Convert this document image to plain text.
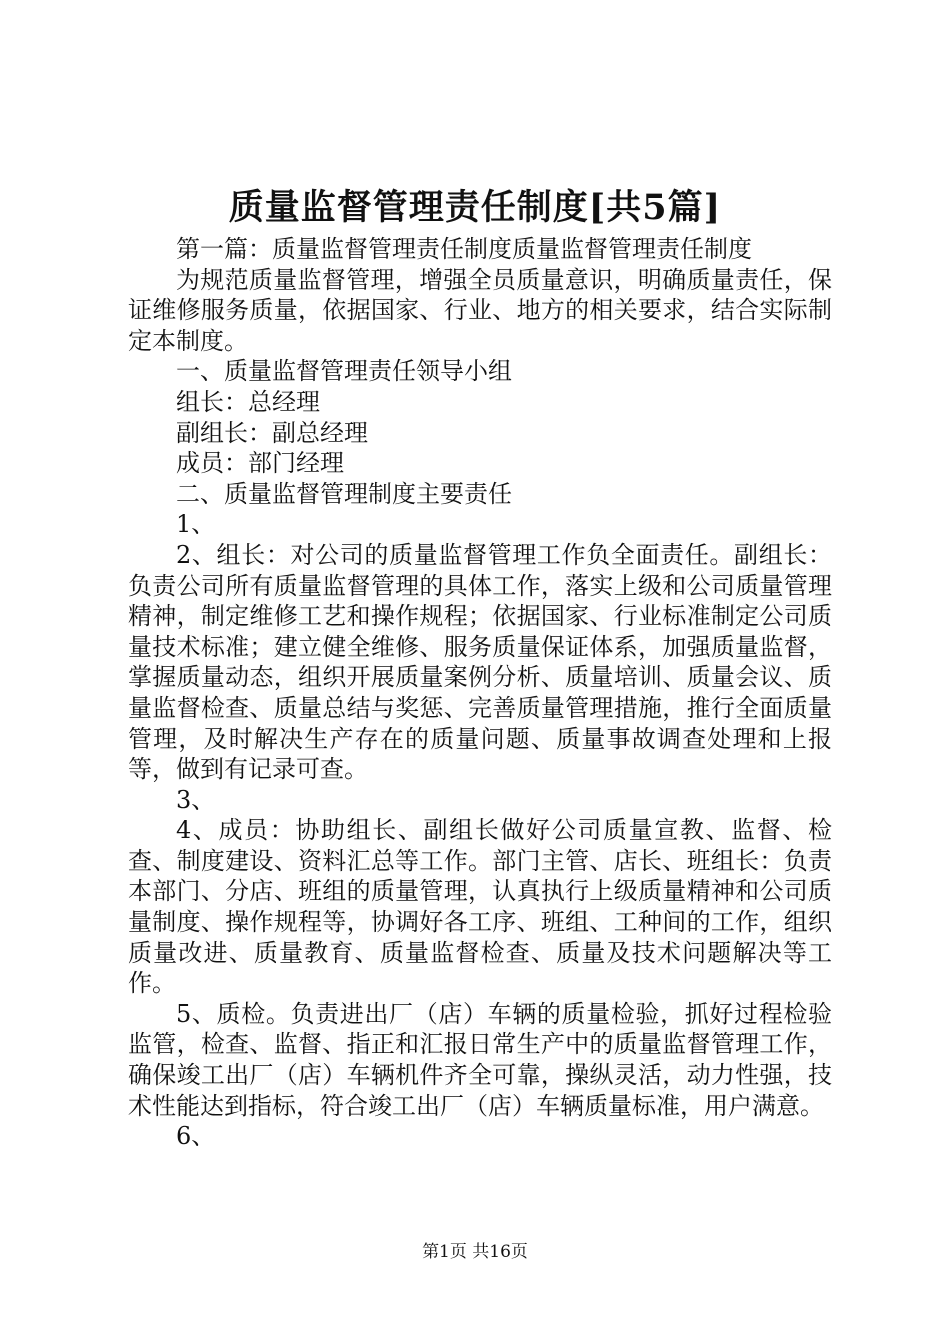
质量监督管理责任制度[共5篇]

第一篇：质量监督管理责任制度质量监督管理责任制度

为规范质量监督管理，增强全员质量意识，明确质量责任，保证维修服务质量，依据国家、行业、地方的相关要求，结合实际制定本制度。

一、质量监督管理责任领导小组

组长：总经理

副组长：副总经理

成员：部门经理

二、质量监督管理制度主要责任

1、

2、组长：对公司的质量监督管理工作负全面责任。副组长：负责公司所有质量监督管理的具体工作，落实上级和公司质量管理精神，制定维修工艺和操作规程；依据国家、行业标准制定公司质量技术标准；建立健全维修、服务质量保证体系，加强质量监督，掌握质量动态，组织开展质量案例分析、质量培训、质量会议、质量监督检查、质量总结与奖惩、完善质量管理措施，推行全面质量管理，及时解决生产存在的质量问题、质量事故调查处理和上报等，做到有记录可查。

3、

4、成员：协助组长、副组长做好公司质量宣教、监督、检查、制度建设、资料汇总等工作。部门主管、店长、班组长：负责本部门、分店、班组的质量管理，认真执行上级质量精神和公司质量制度、操作规程等，协调好各工序、班组、工种间的工作，组织质量改进、质量教育、质量监督检查、质量及技术问题解决等工作。

5、质检。负责进出厂（店）车辆的质量检验，抓好过程检验监管，检查、监督、指正和汇报日常生产中的质量监督管理工作，确保竣工出厂（店）车辆机件齐全可靠，操纵灵活，动力性强，技术性能达到指标，符合竣工出厂（店）车辆质量标准，用户满意。

6、

第1页 共16页
